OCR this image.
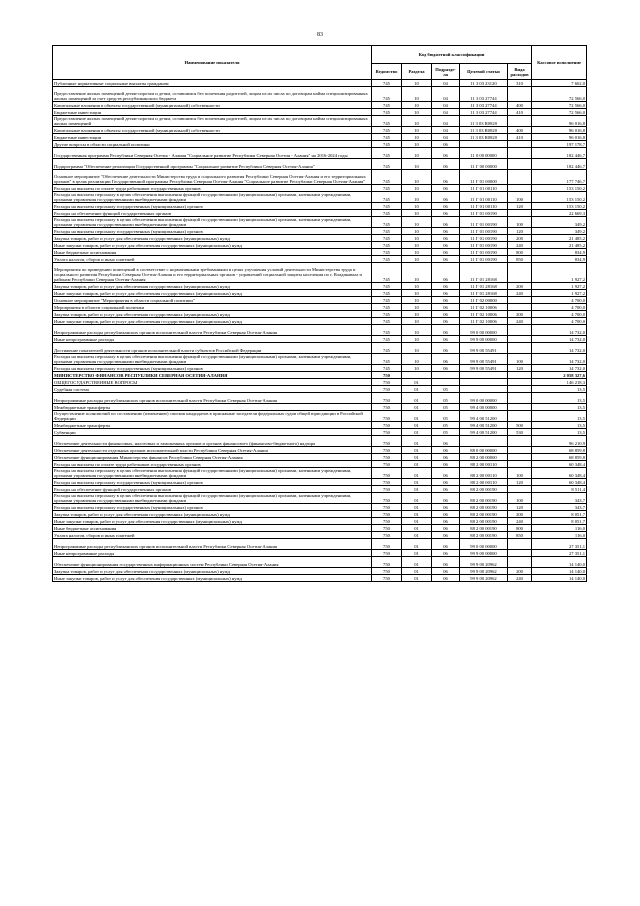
83
Наименование показателя	Код бюджетной классификации					Кассовое исполнение
	Ведомство	Раздела	Подразде-ла	Целевой статьи	Вида расходов	
Публичные нормативные социальные выплаты гражданам	745	10	04	11 3 03 23120	310	7 602,0
Предоставление жилых помещений детям-сиротам и детям, оставшимся без попечения родителей, лицам из их числа по договорам найма специализированных жилых помещений за счет средств республиканского бюджета	745	10	04	11 3 03 27744		72 566,0
Капитальные вложения в объекты государственной (муниципальной) собственности	745	10	04	11 3 03 27744	400	72 566,0
Бюджетные инвестиции	745	10	04	11 3 03 27744	410	72 566,0
Предоставление жилых помещений детям-сиротам и детям, оставшимся без попечения родителей, лицам из их числа по договорам найма специализированных жилых помещений	745	10	04	11 3 03 R0820		96 016,8
Капитальные вложения в объекты государственной (муниципальной) собственности	745	10	04	11 3 03 R0820	400	96 016,8
Бюджетные инвестиции	745	10	04	11 3 03 R0820	410	96 016,8
Другие вопросы в области социальной политики	745	10	06			197 178,7
Государственная программа Республики Северная Осетия - Алания "Социальное развитие Республики Северная Осетия - Алания" на 2016-2024 годы	745	10	06	11 0 00 00000		182 446,7
Подпрограмма "Обеспечение реализации Государственной программы "Социальное развитие Республики Северная Осетия-Алания"	745	10	06	11 Г 00 00000		182 446,7
Основное мероприятие "Обеспечение деятельности Министерства труда и социального развития Республики Северная Осетия-Алания и его территориальных органов" в целях реализации Государственной программы Республики Северная Осетия-Алания "Социальное развитие Республики Северная Осетия-Алания"	745	10	06	11 Г 01 00000		177 746,7
Расходы на выплаты по оплате труда работников государственных органов	745	10	06	11 Г 01 00110		153 150,2
Расходы на выплаты персоналу в целях обеспечения выполнения функций государственными (муниципальными) органами, казенными учреждениями, органами управления государственными внебюджетными фондами	745	10	06	11 Г 01 00110	100	153 150,2
Расходы на выплаты персоналу государственных (муниципальных) органов	745	10	06	11 Г 01 00110	120	153 150,2
Расходы на обеспечение функций государственных органов	745	10	06	11 Г 01 00190		22 669,3
Расходы на выплаты персоналу в целях обеспечения выполнения функций государственными (муниципальными) органами, казенными учреждениями, органами управления государственными внебюджетными фондами	745	10	06	11 Г 01 00190	100	349,2
Расходы на выплаты персоналу государственных (муниципальных) органов	745	10	06	11 Г 01 00190	120	349,2
Закупка товаров, работ и услуг для обеспечения государственных (муниципальных) нужд	745	10	06	11 Г 01 00190	200	21 485,2
Иные закупки товаров, работ и услуг для обеспечения государственных (муниципальных) нужд	745	10	06	11 Г 01 00190	240	21 485,2
Иные бюджетные ассигнования	745	10	06	11 Г 01 00190	800	834,9
Уплата налогов, сборов и иных платежей	745	10	06	11 Г 01 00190	850	834,9
Мероприятия по приведению помещений в соответствие с нормативными требованиями в целях улучшения условий деятельности Министерства труда и социального развития Республики Северная Осетия-Алания и его территориальных органов - управлений социальной защиты населения по г. Владикавказ и районам Республики Северная Осетия-Алания	745	10	06	11 Г 01 28168		1 927,2
Закупка товаров, работ и услуг для обеспечения государственных (муниципальных) нужд	745	10	06	11 Г 01 28168	200	1 927,2
Иные закупки товаров, работ и услуг для обеспечения государственных (муниципальных) нужд	745	10	06	11 Г 01 28168	240	1 927,2
Основное мероприятие "Мероприятия в области социальной политики"	745	10	06	11 Г 02 00000		4 700,0
Мероприятия в области социальной политики	745	10	06	11 Г 02 10006		4 700,0
Закупка товаров, работ и услуг для обеспечения государственных (муниципальных) нужд	745	10	06	11 Г 02 10006	200	4 700,0
Иные закупки товаров, работ и услуг для обеспечения государственных (муниципальных) нужд	745	10	06	11 Г 02 10006	240	4 700,0
Непрограммные расходы республиканских органов исполнительной власти Республики Северная Осетия-Алания	745	10	06	99 0 00 00000		14 732,0
Иные непрограммные расходы	745	10	06	99 9 00 00000		14 732,0
Достижение показателей деятельности органов исполнительной власти субъектов Российской Федерации	745	10	06	99 9 00 55491		14 732,0
Расходы на выплаты персоналу в целях обеспечения выполнения функций государственными (муниципальными) органами, казенными учреждениями, органами управления государственными внебюджетными фондами	745	10	06	99 9 00 55491	100	14 732,0
Расходы на выплаты персоналу государственных (муниципальных) органов	745	10	06	99 9 00 55491	120	14 732,0
МИНИСТЕРСТВО ФИНАНСОВ РЕСПУБЛИКИ СЕВЕРНАЯ ОСЕТИЯ-АЛАНИЯ	750					2 058 327,6
ОБЩЕГОСУДАРСТВЕННЫЕ ВОПРОСЫ	750	01				146 218,3
Судебная система	750	01	05			13,5
Непрограммные расходы республиканских органов исполнительной власти Республики Северная Осетия-Алания	750	01	05	99 0 00 00000		13,5
Межбюджетные трансферты	750	01	05	99 4 00 00000		13,5
Осуществление полномочий по составлению (изменению) списков кандидатов в присяжные заседатели федеральных судов общей юрисдикции в Российской Федерации	750	01	05	99 4 00 51200		13,5
Межбюджетные трансферты	750	01	05	99 4 00 51200	500	13,5
Субвенции	750	01	05	99 4 00 51200	530	13,5
Обеспечение деятельности финансовых, налоговых и таможенных органов и органов финансового (финансово-бюджетного) надзора	750	01	06			96 210,9
Обеспечение деятельности отдельных органов исполнительной власти Республики Северная Осетия-Алания	750	01	06	88 0 00 00000		68 859,8
Обеспечение функционирования Министерства финансов Республики Северная Осетия-Алания	750	01	06	88 2 00 00000		68 859,8
Расходы на выплаты по оплате труда работников государственных органов	750	01	06	88 2 00 00110		60 348,4
Расходы на выплаты персоналу в целях обеспечения выполнения функций государственными (муниципальными) органами, казенными учреждениями, органами управления государственными внебюджетными фондами	750	01	06	88 2 00 00110	100	60 348,4
Расходы на выплаты персоналу государственных (муниципальных) органов	750	01	06	88 2 00 00110	120	60 348,4
Расходы на обеспечение функций государственных органов	750	01	06	88 2 00 00190		8 511,4
Расходы на выплаты персоналу в целях обеспечения выполнения функций государственными (муниципальными) органами, казенными учреждениями, органами управления государственными внебюджетными фондами	750	01	06	88 2 00 00190	100	343,7
Расходы на выплаты персоналу государственных (муниципальных) органов	750	01	06	88 2 00 00190	120	343,7
Закупка товаров, работ и услуг для обеспечения государственных (муниципальных) нужд	750	01	06	88 2 00 00190	200	8 051,7
Иные закупки товаров, работ и услуг для обеспечения государственных (муниципальных) нужд	750	01	06	88 2 00 00190	240	8 051,7
Иные бюджетные ассигнования	750	01	06	88 2 00 00190	800	116,0
Уплата налогов, сборов и иных платежей	750	01	06	88 2 00 00190	850	116,0
Непрограммные расходы республиканских органов исполнительной власти Республики Северная Осетия-Алания	750	01	06	99 0 00 00000		27 351,1
Иные непрограммные расходы	750	01	06	99 9 00 00000		27 351,1
Обеспечение функционирования государственных информационных систем Республики Северная Осетия-Алания	750	01	06	99 9 00 20962		14 140,0
Закупка товаров, работ и услуг для обеспечения государственных (муниципальных) нужд	750	01	06	99 9 00 20962	200	14 140,0
Иные закупки товаров, работ и услуг для обеспечения государственных (муниципальных) нужд	750	01	06	99 9 00 20962	240	14 140,0
